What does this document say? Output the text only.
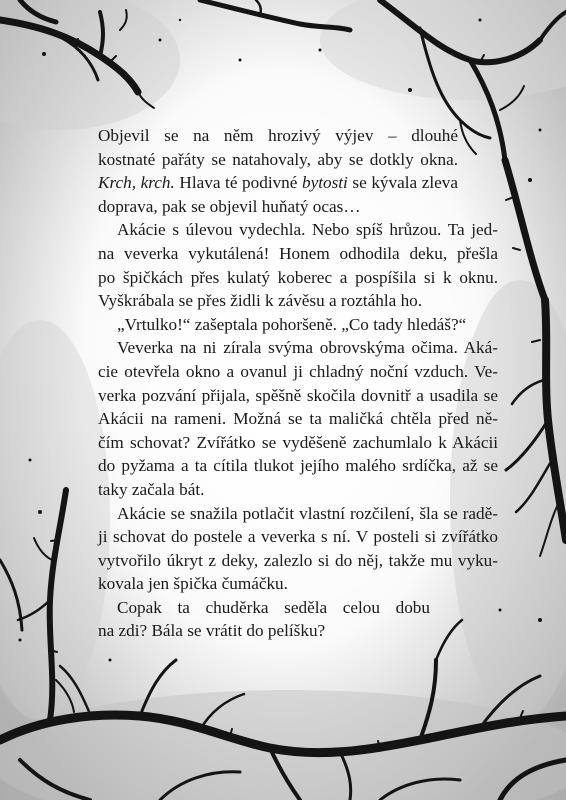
Objevil se na něm hrozivý výjev – dlouhé
kostnaté pařáty se natahovaly, aby se dotkly okna.
Krch, krch. Hlava té podivné bytosti se kývala zleva
doprava, pak se objevil huňatý ocas…

Akácie s úlevou vydechla. Nebo spíš hrůzou. Ta jed-
na veverka vykutálená! Honem odhodila deku, přešla
po špičkách přes kulatý koberec a pospíšila si k oknu.
Vyškrábala se přes židli k závěsu a roztáhla ho.
„Vrtulko!“ zašeptala pohoršeně. „Co tady hledáš?“

Veverka na ni zírala svýma obrovskýma očima. Aká-
cie otevřela okno a ovanul ji chladný noční vzduch. Ve-
verka pozvání přijala, spěšně skočila dovnitř a usadila se
Akácii na rameni. Možná se ta maličká chtěla před ně-
čím schovat? Zvířátko se vyděšeně zachumlalo k Akácii
do pyžama a ta cítila tlukot jejího malého srdíčka, až se
taky začala bát.

Akácie se snažila potlačit vlastní rozčilení, šla se radě-
ji schovat do postele a veverka s ní. V posteli si zvířátko
vytvořilo úkryt z deky, zalezlo si do něj, takže mu vyku-
kovala jen špička čumáčku.

Copak ta chuděrka seděla celou dobu
na zdi? Bála se vrátit do pelíšku?
